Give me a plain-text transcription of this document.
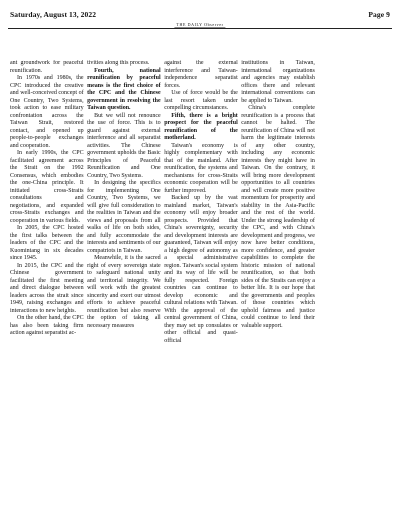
Saturday, August 13, 2022
THE DAILY Observer
Page 9

ant groundwork for peaceful reunification.

In 1970s and 1980s, the CPC introduced the creative and well-conceived concept of One Country, Two Systems, took action to ease military confrontation across the Taiwan Strait, restored contact, and opened up people-to-people exchanges and cooperation.

In early 1990s, the CPC facilitated agreement across the Strait on the 1992 Consensus, which embodies the one-China principle. It initiated cross-Straits consultations and negotiations, and expanded cross-Straits exchanges and cooperation in various fields.

In 2005, the CPC hosted the first talks between the leaders of the CPC and the Kuomintang in six decades since 1945.

In 2015, the CPC and the Chinese government facilitated the first meeting and direct dialogue between leaders across the strait since 1949, raising exchanges and interactions to new heights.

On the other hand, the CPC has also been taking firm action against separatist ac-

tivities along this process.

Fourth, national reunification by peaceful means is the first choice of the CPC and the Chinese government in resolving the Taiwan question.

But we will not renounce the use of force. This is to guard against external interference and all separatist activities. The Chinese government upholds the Basic Principles of Peaceful Reunification and One Country, Two Systems.

In designing the specifics for implementing One Country, Two Systems, we will give full consideration to the realities in Taiwan and the views and proposals from all walks of life on both sides, and fully accommodate the interests and sentiments of our compatriots in Taiwan.

Meanwhile, it is the sacred right of every sovereign state to safeguard national unity and territorial integrity. We will work with the greatest sincerity and exert our utmost efforts to achieve peaceful reunification but also reserve the option of taking all necessary measures

against the external interference and Taiwan-independence separatist forces.

Use of force would be the last resort taken under compelling circumstances.

Fifth, there is a bright prospect for the peaceful reunification of the motherland.

Taiwan's economy is highly complementary with that of the mainland. After reunification, the systems and mechanisms for cross-Straits economic cooperation will be further improved.

Backed up by the vast mainland market, Taiwan's economy will enjoy broader prospects. Provided that China's sovereignty, security and development interests are guaranteed, Taiwan will enjoy a high degree of autonomy as a special administrative region. Taiwan's social system and its way of life will be fully respected. Foreign countries can continue to develop economic and cultural relations with Taiwan. With the approval of the central government of China, they may set up consulates or other official and quasi-official

institutions in Taiwan, international organizations and agencies may establish offices there and relevant international conventions can be applied to Taiwan.

China's complete reunification is a process that cannot be halted. The reunification of China will not harm the legitimate interests of any other country, including any economic interests they might have in Taiwan. On the contrary, it will bring more development opportunities to all countries and will create more positive momentum for prosperity and stability in the Asia-Pacific and the rest of the world. Under the strong leadership of the CPC, and with China's development and progress, we now have better conditions, more confidence, and greater capabilities to complete the historic mission of national reunification, so that both sides of the Straits can enjoy a better life. It is our hope that the governments and peoples of those countries which uphold fairness and justice could continue to lend their valuable support.
